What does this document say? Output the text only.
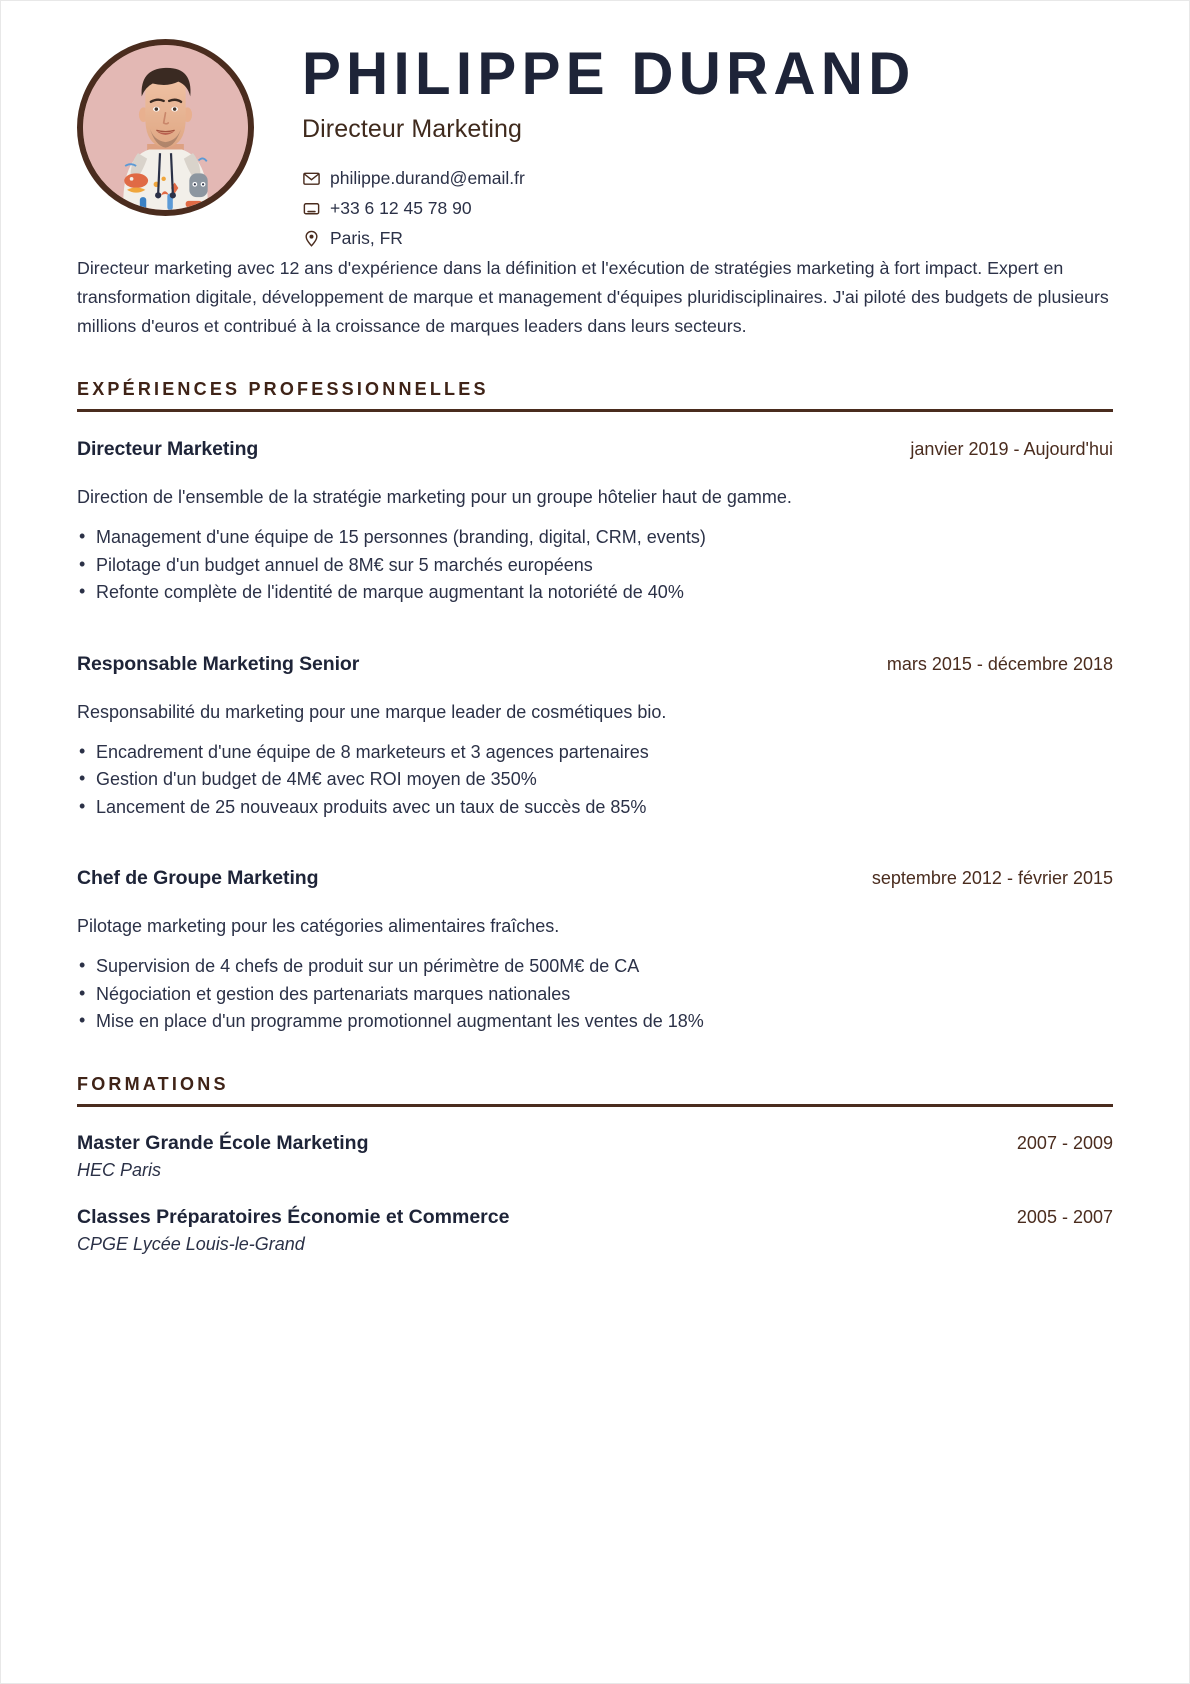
PHILIPPE DURAND
Directeur Marketing
philippe.durand@email.fr
+33 6 12 45 78 90
Paris, FR
Directeur marketing avec 12 ans d'expérience dans la définition et l'exécution de stratégies marketing à fort impact. Expert en transformation digitale, développement de marque et management d'équipes pluridisciplinaires. J'ai piloté des budgets de plusieurs millions d'euros et contribué à la croissance de marques leaders dans leurs secteurs.
EXPÉRIENCES PROFESSIONNELLES
Directeur Marketing	janvier 2019 - Aujourd'hui
Direction de l'ensemble de la stratégie marketing pour un groupe hôtelier haut de gamme.
• Management d'une équipe de 15 personnes (branding, digital, CRM, events)
• Pilotage d'un budget annuel de 8M€ sur 5 marchés européens
• Refonte complète de l'identité de marque augmentant la notoriété de 40%
Responsable Marketing Senior	mars 2015 - décembre 2018
Responsabilité du marketing pour une marque leader de cosmétiques bio.
• Encadrement d'une équipe de 8 marketeurs et 3 agences partenaires
• Gestion d'un budget de 4M€ avec ROI moyen de 350%
• Lancement de 25 nouveaux produits avec un taux de succès de 85%
Chef de Groupe Marketing	septembre 2012 - février 2015
Pilotage marketing pour les catégories alimentaires fraîches.
• Supervision de 4 chefs de produit sur un périmètre de 500M€ de CA
• Négociation et gestion des partenariats marques nationales
• Mise en place d'un programme promotionnel augmentant les ventes de 18%
FORMATIONS
Master Grande École Marketing	2007 - 2009
HEC Paris
Classes Préparatoires Économie et Commerce	2005 - 2007
CPGE Lycée Louis-le-Grand
